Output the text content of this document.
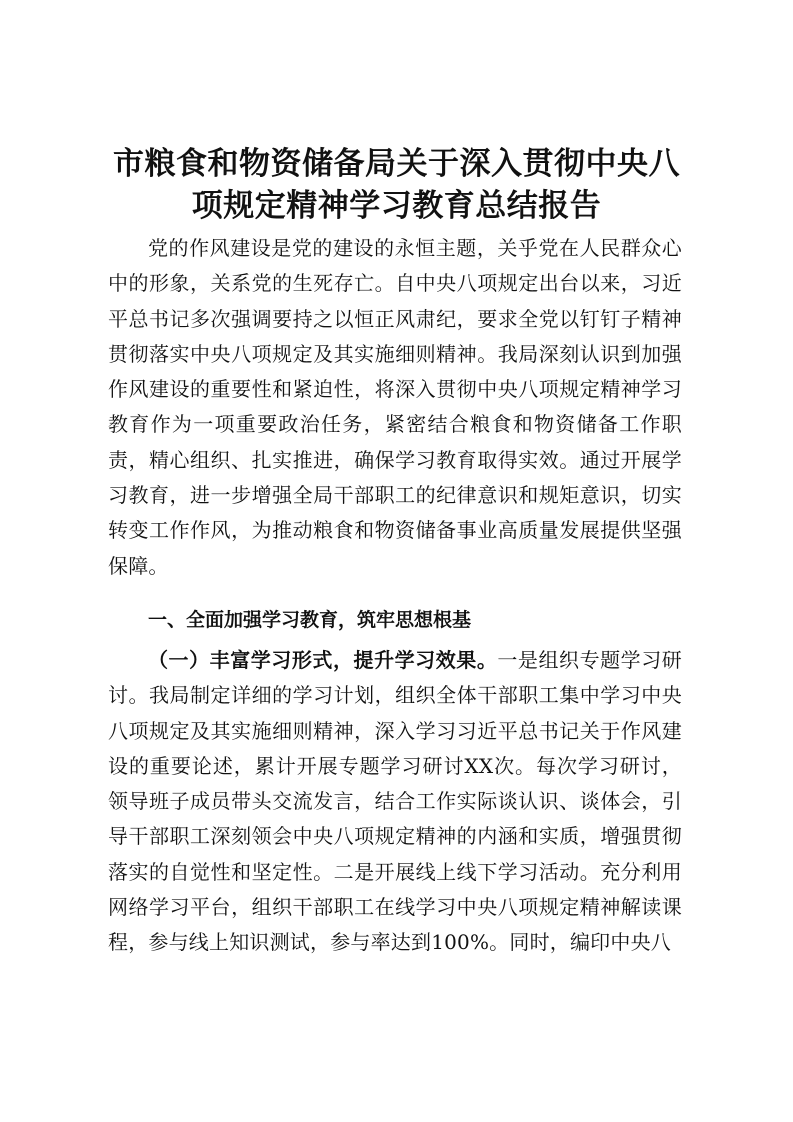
市粮食和物资储备局关于深入贯彻中央八项规定精神学习教育总结报告

党的作风建设是党的建设的永恒主题，关乎党在人民群众心中的形象，关系党的生死存亡。自中央八项规定出台以来，习近平总书记多次强调要持之以恒正风肃纪，要求全党以钉钉子精神贯彻落实中央八项规定及其实施细则精神。我局深刻认识到加强作风建设的重要性和紧迫性，将深入贯彻中央八项规定精神学习教育作为一项重要政治任务，紧密结合粮食和物资储备工作职责，精心组织、扎实推进，确保学习教育取得实效。通过开展学习教育，进一步增强全局干部职工的纪律意识和规矩意识，切实转变工作作风，为推动粮食和物资储备事业高质量发展提供坚强保障。

一、全面加强学习教育，筑牢思想根基

（一）丰富学习形式，提升学习效果。一是组织专题学习研讨。我局制定详细的学习计划，组织全体干部职工集中学习中央八项规定及其实施细则精神，深入学习习近平总书记关于作风建设的重要论述，累计开展专题学习研讨XX次。每次学习研讨，领导班子成员带头交流发言，结合工作实际谈认识、谈体会，引导干部职工深刻领会中央八项规定精神的内涵和实质，增强贯彻落实的自觉性和坚定性。二是开展线上线下学习活动。充分利用网络学习平台，组织干部职工在线学习中央八项规定精神解读课程，参与线上知识测试，参与率达到100%。同时，编印中央八
